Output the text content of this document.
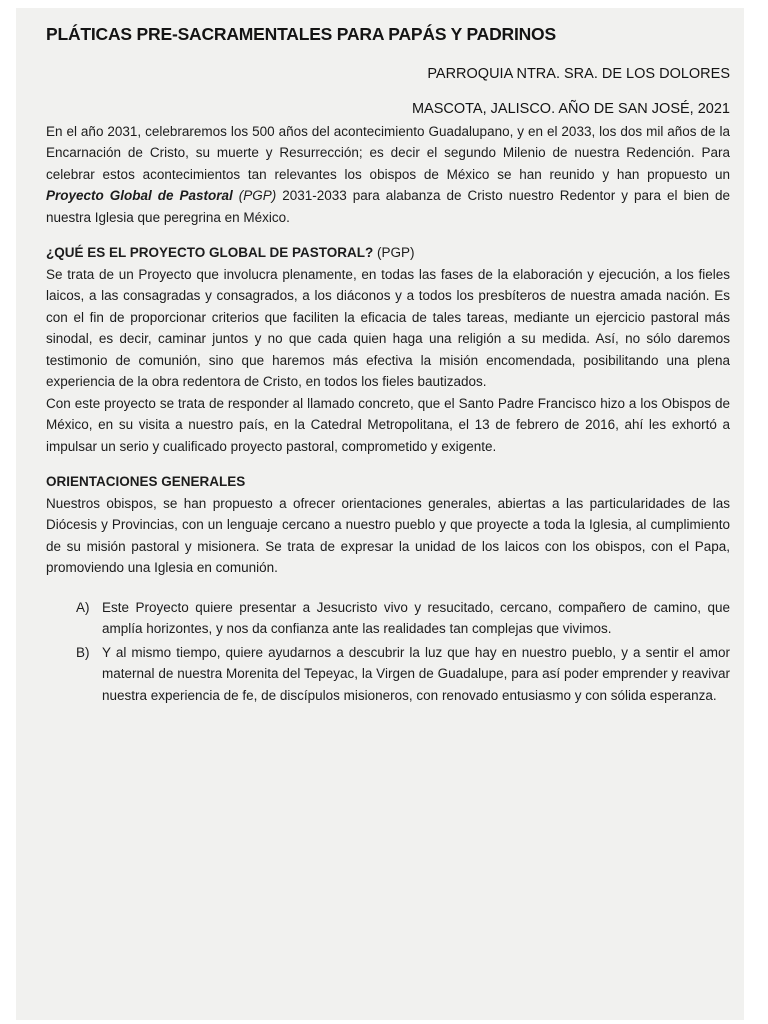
PLÁTICAS PRE-SACRAMENTALES PARA PAPÁS Y PADRINOS

PARROQUIA NTRA. SRA. DE LOS DOLORES

MASCOTA, JALISCO. AÑO DE SAN JOSÉ, 2021

En el año 2031, celebraremos los 500 años del acontecimiento Guadalupano, y en el 2033, los dos mil años de la Encarnación de Cristo, su muerte y Resurrección; es decir el segundo Milenio de nuestra Redención. Para celebrar estos acontecimientos tan relevantes los obispos de México se han reunido y han propuesto un Proyecto Global de Pastoral (PGP) 2031-2033 para alabanza de Cristo nuestro Redentor y para el bien de nuestra Iglesia que peregrina en México.

¿QUÉ ES EL PROYECTO GLOBAL DE PASTORAL? (PGP)

Se trata de un Proyecto que involucra plenamente, en todas las fases de la elaboración y ejecución, a los fieles laicos, a las consagradas y consagrados, a los diáconos y a todos los presbíteros de nuestra amada nación. Es con el fin de proporcionar criterios que faciliten la eficacia de tales tareas, mediante un ejercicio pastoral más sinodal, es decir, caminar juntos y no que cada quien haga una religión a su medida. Así, no sólo daremos testimonio de comunión, sino que haremos más efectiva la misión encomendada, posibilitando una plena experiencia de la obra redentora de Cristo, en todos los fieles bautizados.

Con este proyecto se trata de responder al llamado concreto, que el Santo Padre Francisco hizo a los Obispos de México, en su visita a nuestro país, en la Catedral Metropolitana, el 13 de febrero de 2016, ahí les exhortó a impulsar un serio y cualificado proyecto pastoral, comprometido y exigente.

ORIENTACIONES GENERALES

Nuestros obispos, se han propuesto a ofrecer orientaciones generales, abiertas a las particularidades de las Diócesis y Provincias, con un lenguaje cercano a nuestro pueblo y que proyecte a toda la Iglesia, al cumplimiento de su misión pastoral y misionera. Se trata de expresar la unidad de los laicos con los obispos, con el Papa, promoviendo una Iglesia en comunión.

A) Este Proyecto quiere presentar a Jesucristo vivo y resucitado, cercano, compañero de camino, que amplía horizontes, y nos da confianza ante las realidades tan complejas que vivimos.
B) Y al mismo tiempo, quiere ayudarnos a descubrir la luz que hay en nuestro pueblo, y a sentir el amor maternal de nuestra Morenita del Tepeyac, la Virgen de Guadalupe, para así poder emprender y reavivar nuestra experiencia de fe, de discípulos misioneros, con renovado entusiasmo y con sólida esperanza.
